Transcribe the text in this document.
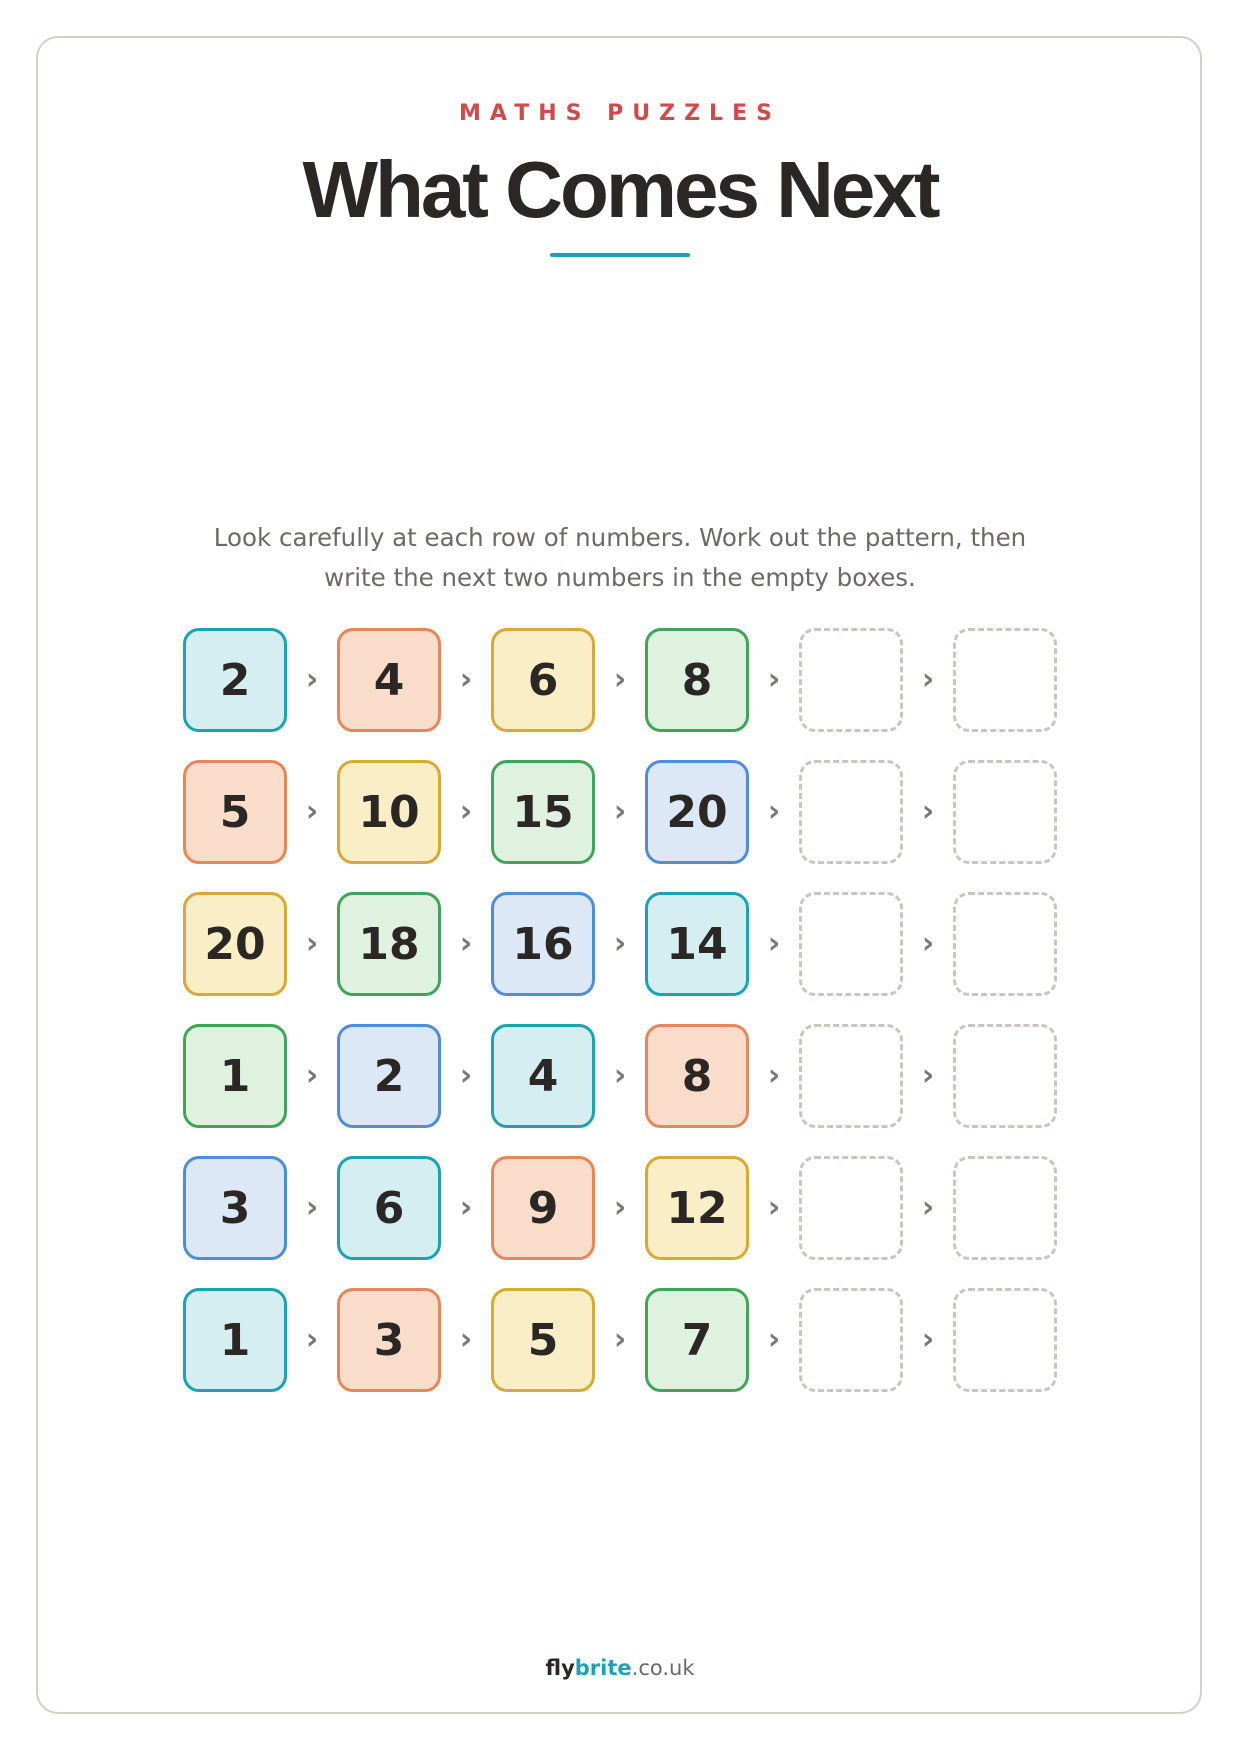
MATHS PUZZLES
What Comes Next
Look carefully at each row of numbers. Work out the pattern, then
write the next two numbers in the empty boxes.
2	›	4	›	6	›	8	›	›
5	› 10	› 15	› 20	›	›
20	› 18	› 16	› 14	›	›
1	›	2	›	4	›	8	›	›
3	›	6	›	9	› 12	›	›
1	›	3	›	5	›	7	›	›
flybrite.co.uk
